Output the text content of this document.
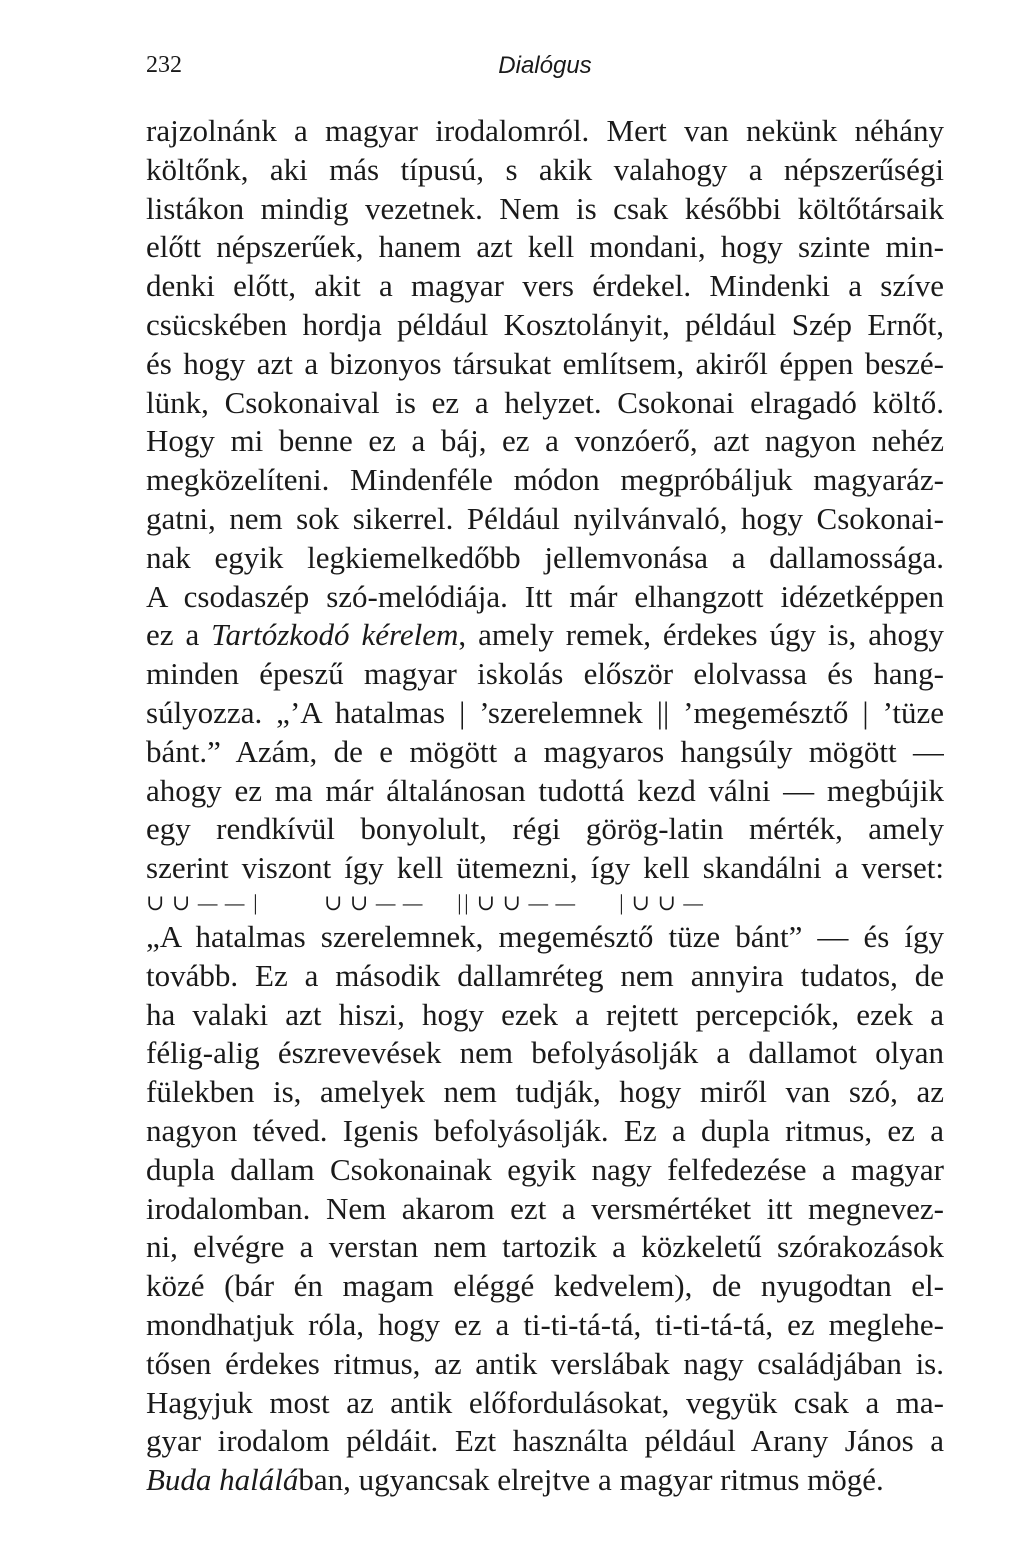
232	Dialógus
rajzolnánk a magyar irodalomról. Mert van nekünk néhány
költőnk, aki más típusú, s akik valahogy a népszerűségi
listákon mindig vezetnek. Nem is csak későbbi költőtársaik
előtt népszerűek, hanem azt kell mondani, hogy szinte min-
denki előtt, akit a magyar vers érdekel. Mindenki a szíve
csücskében hordja például Kosztolányit, például Szép Ernőt,
és hogy azt a bizonyos társukat említsem, akiről éppen beszé-
lünk, Csokonaival is ez a helyzet. Csokonai elragadó költő.
Hogy mi benne ez a báj, ez a vonzóerő, azt nagyon nehéz
megközelíteni. Mindenféle módon megpróbáljuk magyaráz-
gatni, nem sok sikerrel. Például nyilvánvaló, hogy Csokonai-
nak egyik legkiemelkedőbb jellemvonása a dallamossága.
A csodaszép szó-melódiája. Itt már elhangzott idézetképpen
ez a Tartózkodó kérelem, amely remek, érdekes úgy is, ahogy
minden épeszű magyar iskolás először elolvassa és hang-
súlyozza. „’A hatalmas | ’szerelemnek || ’megemésztő | ’tüze
bánt.” Azám, de e mögött a magyaros hangsúly mögött —
ahogy ez ma már általánosan tudottá kezd válni — megbújik
egy rendkívül bonyolult, régi görög-latin mérték, amely
szerint viszont így kell ütemezni, így kell skandálni a verset:
∪ ∪ — — |	∪ ∪ — — || ∪ ∪ — — | ∪ ∪ —
„A hatalmas szerelemnek, megemésztő tüze bánt” — és így
tovább. Ez a második dallamréteg nem annyira tudatos, de
ha valaki azt hiszi, hogy ezek a rejtett percepciók, ezek a
félig-alig észrevevések nem befolyásolják a dallamot olyan
fülekben is, amelyek nem tudják, hogy miről van szó, az
nagyon téved. Igenis befolyásolják. Ez a dupla ritmus, ez a
dupla dallam Csokonainak egyik nagy felfedezése a magyar
irodalomban. Nem akarom ezt a versmértéket itt megnevez-
ni, elvégre a verstan nem tartozik a közkeletű szórakozások
közé (bár én magam eléggé kedvelem), de nyugodtan el-
mondhatjuk róla, hogy ez a ti-ti-tá-tá, ti-ti-tá-tá, ez meglehe-
tősen érdekes ritmus, az antik verslábak nagy családjában is.
Hagyjuk most az antik előfordulásokat, vegyük csak a ma-
gyar irodalom példáit. Ezt használta például Arany János a
Buda halálában, ugyancsak elrejtve a magyar ritmus mögé.
